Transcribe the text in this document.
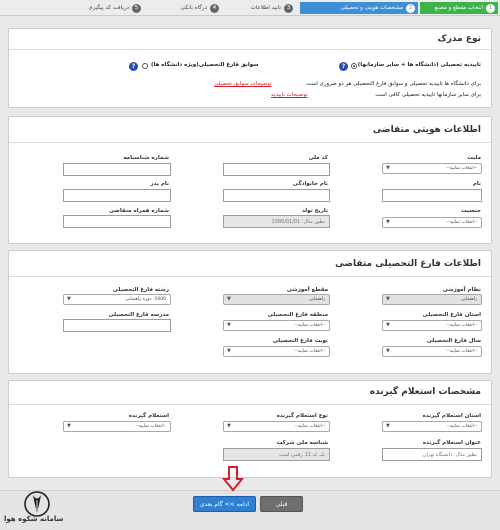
1
انتخاب مقطع و مصنع
2
مشخصات هویتی و تحصیلی
3
تایید اطلاعات
4
درگاه بانکی
5
دریافت کد پیگیری
نوع مدرک
تاییدیه تحصیلی (دانشگاه ها + سایر سازمانها)
?
سوابق فارغ التحصیلی(ویژه دانشگاه ها)
?
برای دانشگاه ها تاییدیه تحصیلی و سوابق فارغ التحصیلی هر دو ضروری است
توضیحات سوابق تحصیلی
برای سایر سازمانها تاییدیه تحصیلی کافی است
توضیحات تاییدیه
اطلاعات هویتی متقاضی
ملیت
--انتخاب نمایید--
▼
کد ملی
شماره شناسنامه
نام
نام خانوادگی
نام پدر
جنسیت
--انتخاب نمایید--
▼
تاریخ تولد
بطور مثال: 1380/01/01
شماره همراه متقاضی
اطلاعات فارغ التحصیلی متقاضی
نظام آموزشی
راهنمایی
▼
مقطع آموزشی
راهنمایی
▼
رشته فارغ التحصیلی
1000- دوره راهنمایی
▼
استان فارغ التحصیلی
--انتخاب نمایید--
▼
منطقه فارغ التحصیلی
--انتخاب نمایید--
▼
مدرسه فارغ التحصیلی
سال فارغ التحصیلی
--انتخاب نمایید--
▼
نوبت فارغ التحصیلی
--انتخاب نمایید--
▼
مشخصات استعلام گیرنده
استان استعلام گیرنده
--انتخاب نمایید--
▼
نوع استعلام گیرنده
--انتخاب نمایید--
▼
استعلام گیرنده
--انتخاب نمایید--
▼
عنوان استعلام گیرنده
بطور مثال: دانشگاه تهران
شناسه ملی شرکت
یک کد 11 رقمی است
ادامه >> گام بعدی	قبلی
سامانه شکوه هوا
